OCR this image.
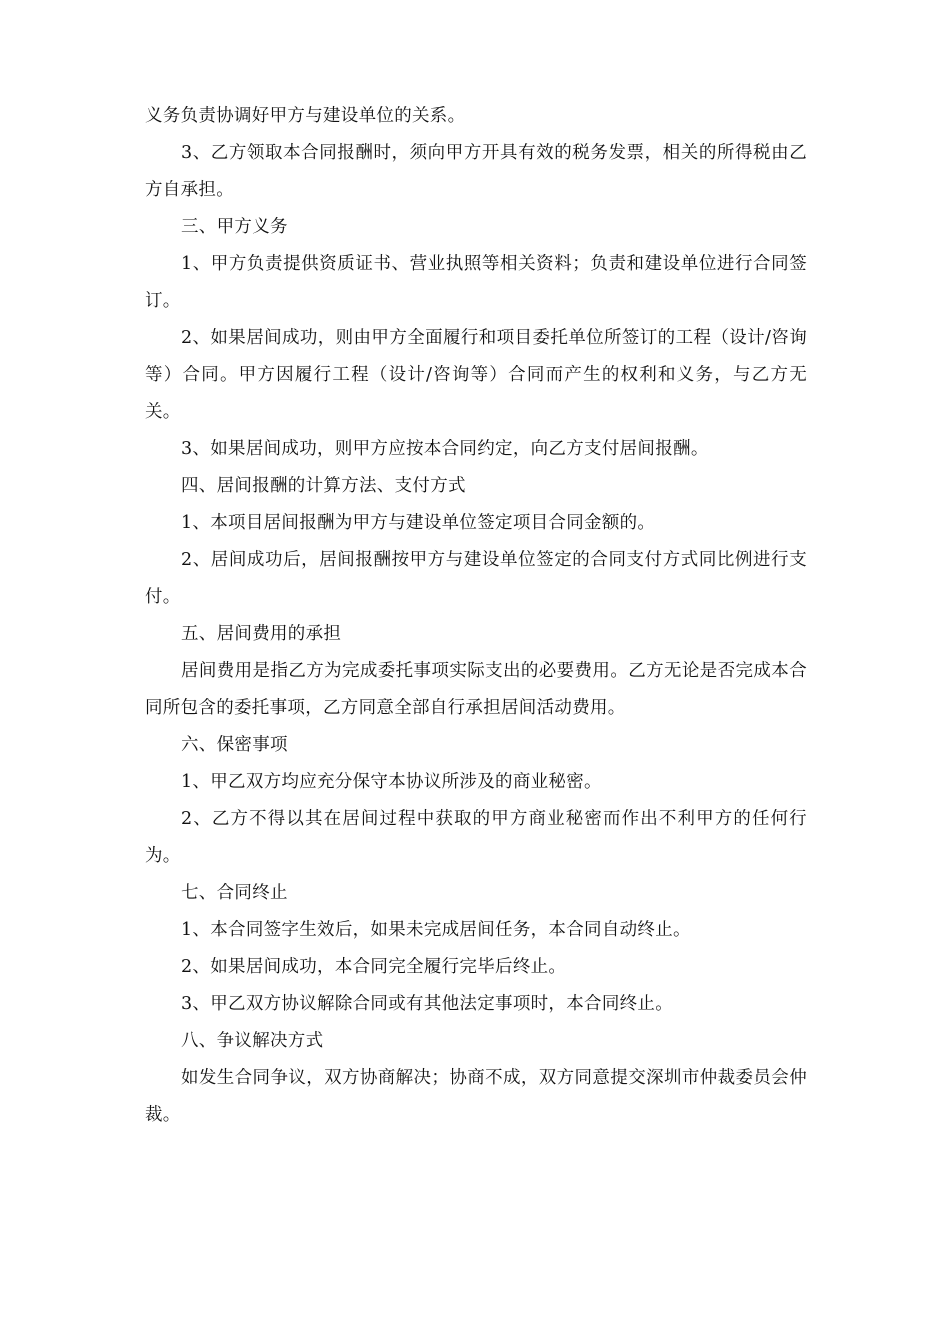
义务负责协调好甲方与建设单位的关系。

3、乙方领取本合同报酬时，须向甲方开具有效的税务发票，相关的所得税由乙方自承担。

三、甲方义务

1、甲方负责提供资质证书、营业执照等相关资料；负责和建设单位进行合同签订。

2、如果居间成功，则由甲方全面履行和项目委托单位所签订的工程（设计/咨询等）合同。甲方因履行工程（设计/咨询等）合同而产生的权利和义务，与乙方无关。

3、如果居间成功，则甲方应按本合同约定，向乙方支付居间报酬。

四、居间报酬的计算方法、支付方式

1、本项目居间报酬为甲方与建设单位签定项目合同金额的。

2、居间成功后，居间报酬按甲方与建设单位签定的合同支付方式同比例进行支付。

五、居间费用的承担

居间费用是指乙方为完成委托事项实际支出的必要费用。乙方无论是否完成本合同所包含的委托事项，乙方同意全部自行承担居间活动费用。

六、保密事项

1、甲乙双方均应充分保守本协议所涉及的商业秘密。

2、乙方不得以其在居间过程中获取的甲方商业秘密而作出不利甲方的任何行为。

七、合同终止

1、本合同签字生效后，如果未完成居间任务，本合同自动终止。

2、如果居间成功，本合同完全履行完毕后终止。

3、甲乙双方协议解除合同或有其他法定事项时，本合同终止。

八、争议解决方式

如发生合同争议，双方协商解决；协商不成，双方同意提交深圳市仲裁委员会仲裁。
